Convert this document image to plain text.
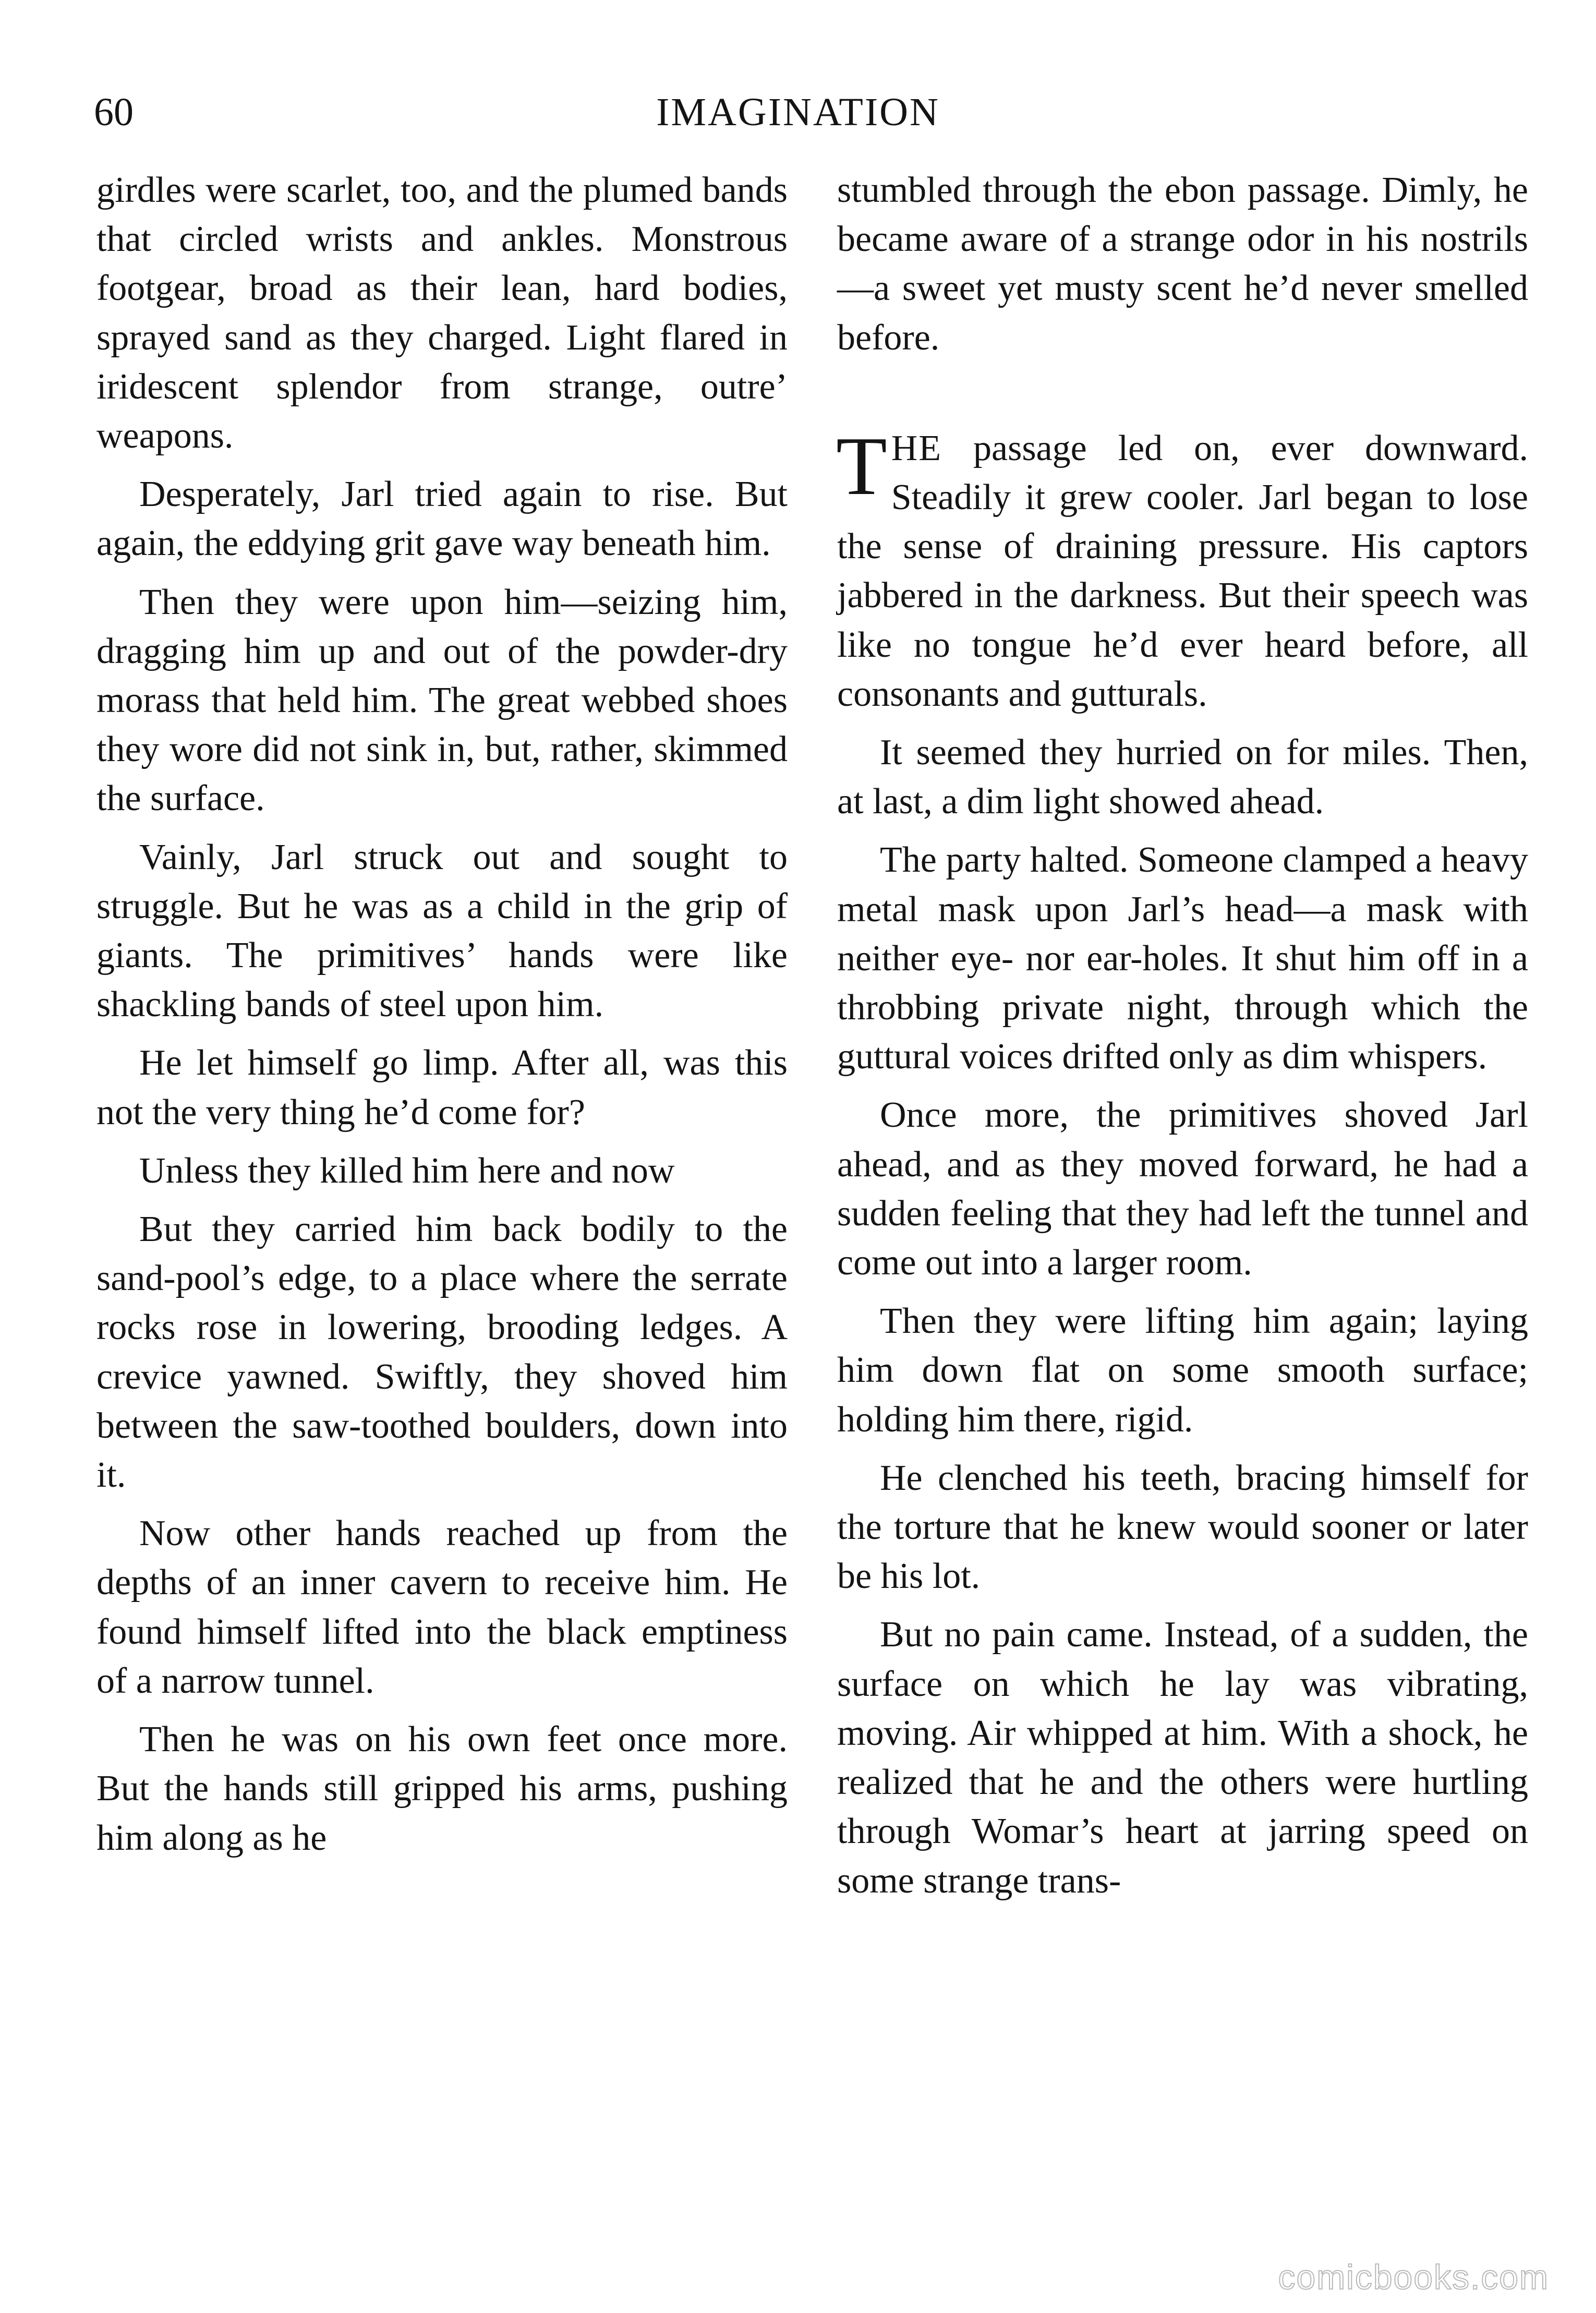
60	IMAGINATION

girdles were scarlet, too, and the plumed bands that circled wrists and ankles. Monstrous footgear, broad as their lean, hard bodies, sprayed sand as they charged. Light flared in iridescent splendor from strange, outre’ weapons.

Desperately, Jarl tried again to rise. But again, the eddying grit gave way beneath him.

Then they were upon him—seizing him, dragging him up and out of the powder-dry morass that held him. The great webbed shoes they wore did not sink in, but, rather, skimmed the surface.

Vainly, Jarl struck out and sought to struggle. But he was as a child in the grip of giants. The primitives’ hands were like shackling bands of steel upon him.

He let himself go limp. After all, was this not the very thing he’d come for?

Unless they killed him here and now

But they carried him back bodily to the sand-pool’s edge, to a place where the serrate rocks rose in lowering, brooding ledges. A crevice yawned. Swiftly, they shoved him between the saw-toothed boulders, down into it.

Now other hands reached up from the depths of an inner cavern to receive him. He found himself lifted into the black emptiness of a narrow tunnel.

Then he was on his own feet once more. But the hands still gripped his arms, pushing him along as he

stumbled through the ebon passage. Dimly, he became aware of a strange odor in his nostrils—a sweet yet musty scent he’d never smelled before.

THE passage led on, ever downward. Steadily it grew cooler. Jarl began to lose the sense of draining pressure. His captors jabbered in the darkness. But their speech was like no tongue he’d ever heard before, all consonants and gutturals.

It seemed they hurried on for miles. Then, at last, a dim light showed ahead.

The party halted. Someone clamped a heavy metal mask upon Jarl’s head—a mask with neither eye- nor ear-holes. It shut him off in a throbbing private night, through which the guttural voices drifted only as dim whispers.

Once more, the primitives shoved Jarl ahead, and as they moved forward, he had a sudden feeling that they had left the tunnel and come out into a larger room.

Then they were lifting him again; laying him down flat on some smooth surface; holding him there, rigid.

He clenched his teeth, bracing himself for the torture that he knew would sooner or later be his lot.

But no pain came. Instead, of a sudden, the surface on which he lay was vibrating, moving. Air whipped at him. With a shock, he realized that he and the others were hurtling through Womar’s heart at jarring speed on some strange trans-

comicbooks.com
